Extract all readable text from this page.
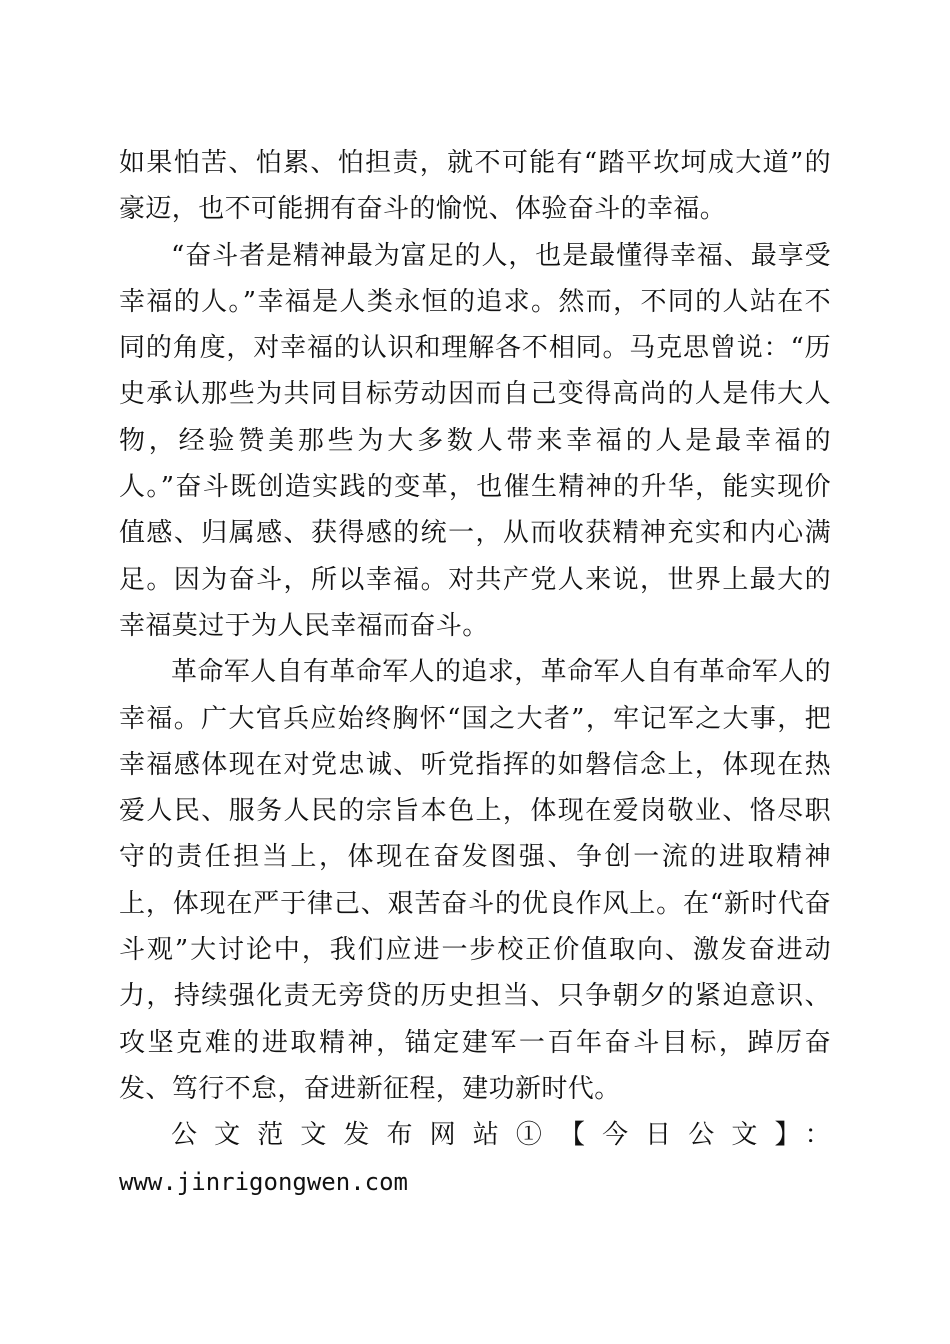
如果怕苦、怕累、怕担责，就不可能有“踏平坎坷成大道”的豪迈，也不可能拥有奋斗的愉悦、体验奋斗的幸福。

“奋斗者是精神最为富足的人，也是最懂得幸福、最享受幸福的人。”幸福是人类永恒的追求。然而，不同的人站在不同的角度，对幸福的认识和理解各不相同。马克思曾说：“历史承认那些为共同目标劳动因而自己变得高尚的人是伟大人物，经验赞美那些为大多数人带来幸福的人是最幸福的人。”奋斗既创造实践的变革，也催生精神的升华，能实现价值感、归属感、获得感的统一，从而收获精神充实和内心满足。因为奋斗，所以幸福。对共产党人来说，世界上最大的幸福莫过于为人民幸福而奋斗。

革命军人自有革命军人的追求，革命军人自有革命军人的幸福。广大官兵应始终胸怀“国之大者”，牢记军之大事，把幸福感体现在对党忠诚、听党指挥的如磐信念上，体现在热爱人民、服务人民的宗旨本色上，体现在爱岗敬业、恪尽职守的责任担当上，体现在奋发图强、争创一流的进取精神上，体现在严于律己、艰苦奋斗的优良作风上。在“新时代奋斗观”大讨论中，我们应进一步校正价值取向、激发奋进动力，持续强化责无旁贷的历史担当、只争朝夕的紧迫意识、攻坚克难的进取精神，锚定建军一百年奋斗目标，踔厉奋发、笃行不怠，奋进新征程，建功新时代。

公文范文发布网站①【今日公文】：

www.jinrigongwen.com
